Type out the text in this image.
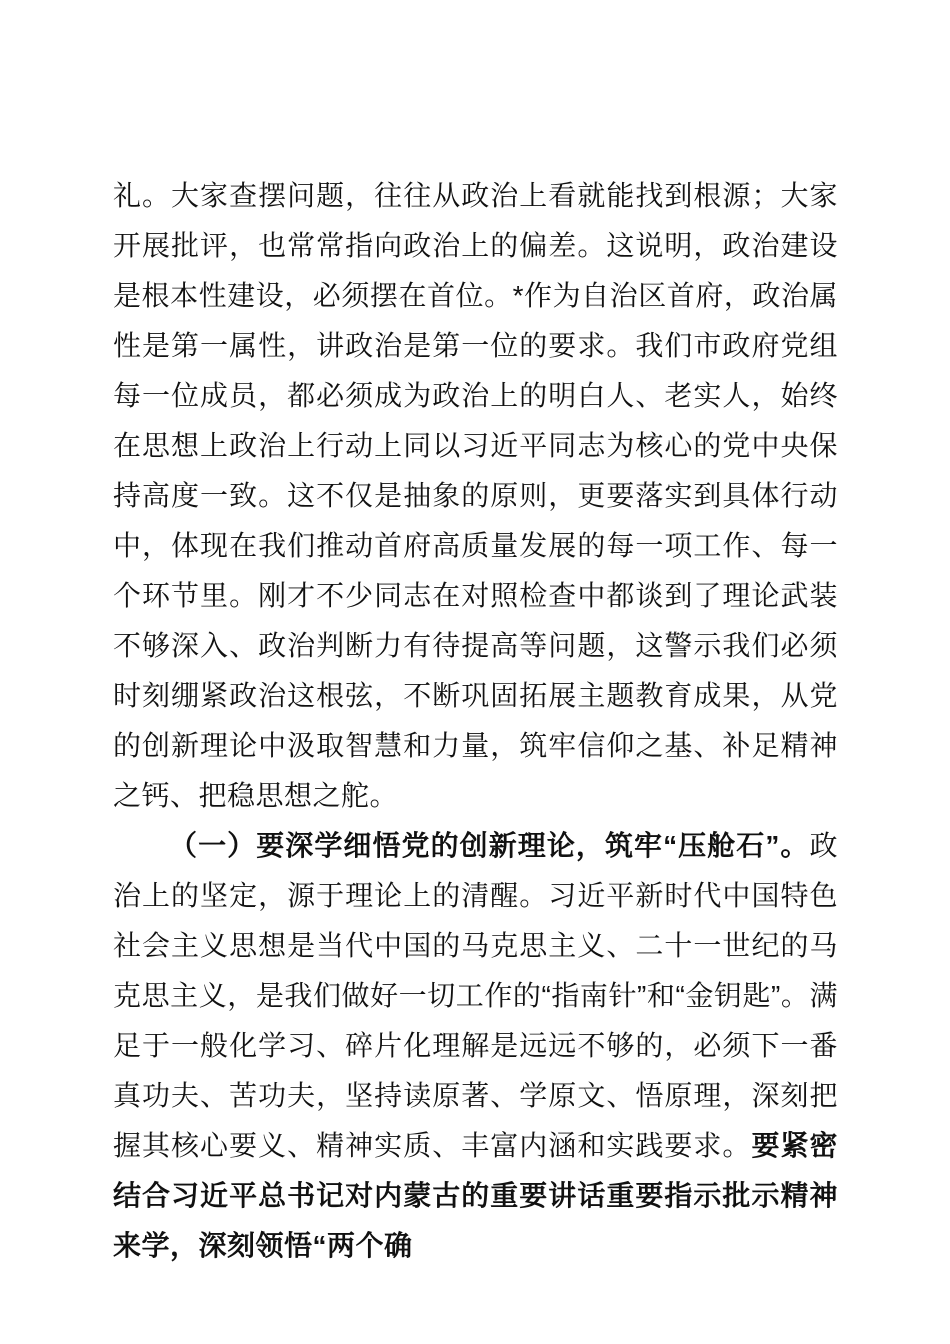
礼。大家查摆问题，往往从政治上看就能找到根源；大家开展批评，也常常指向政治上的偏差。这说明，政治建设是根本性建设，必须摆在首位。*作为自治区首府，政治属性是第一属性，讲政治是第一位的要求。我们市政府党组每一位成员，都必须成为政治上的明白人、老实人，始终在思想上政治上行动上同以习近平同志为核心的党中央保持高度一致。这不仅是抽象的原则，更要落实到具体行动中，体现在我们推动首府高质量发展的每一项工作、每一个环节里。刚才不少同志在对照检查中都谈到了理论武装不够深入、政治判断力有待提高等问题，这警示我们必须时刻绷紧政治这根弦，不断巩固拓展主题教育成果，从党的创新理论中汲取智慧和力量，筑牢信仰之基、补足精神之钙、把稳思想之舵。

（一）要深学细悟党的创新理论，筑牢“压舱石”。政治上的坚定，源于理论上的清醒。习近平新时代中国特色社会主义思想是当代中国的马克思主义、二十一世纪的马克思主义，是我们做好一切工作的“指南针”和“金钥匙”。满足于一般化学习、碎片化理解是远远不够的，必须下一番真功夫、苦功夫，坚持读原著、学原文、悟原理，深刻把握其核心要义、精神实质、丰富内涵和实践要求。要紧密结合习近平总书记对内蒙古的重要讲话重要指示批示精神来学，深刻领悟“两个确
